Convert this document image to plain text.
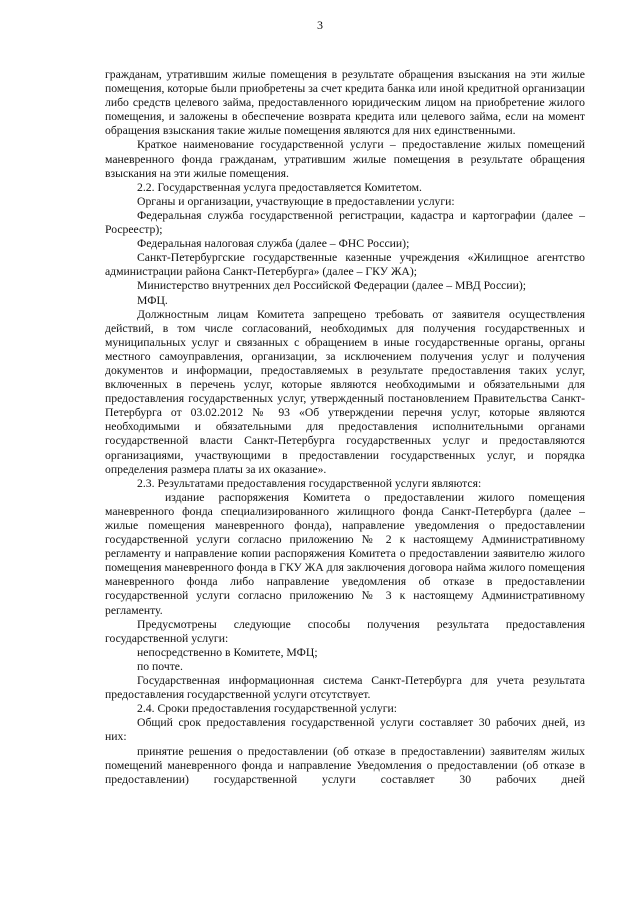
3

гражданам, утратившим жилые помещения в результате обращения взыскания на эти жилые помещения, которые были приобретены за счет кредита банка или иной кредитной организации либо средств целевого займа, предоставленного юридическим лицом на приобретение жилого помещения, и заложены в обеспечение возврата кредита или целевого займа, если на момент обращения взыскания такие жилые помещения являются для них единственными.

Краткое наименование государственной услуги – предоставление жилых помещений маневренного фонда гражданам, утратившим жилые помещения в результате обращения взыскания на эти жилые помещения.

2.2. Государственная услуга предоставляется Комитетом.

Органы и организации, участвующие в предоставлении услуги:

Федеральная служба государственной регистрации, кадастра и картографии (далее – Росреестр);

Федеральная налоговая служба (далее – ФНС России);

Санкт-Петербургские государственные казенные учреждения «Жилищное агентство администрации района Санкт-Петербурга» (далее – ГКУ ЖА);

Министерство внутренних дел Российской Федерации (далее – МВД России);

МФЦ.

Должностным лицам Комитета запрещено требовать от заявителя осуществления действий, в том числе согласований, необходимых для получения государственных и муниципальных услуг и связанных с обращением в иные государственные органы, органы местного самоуправления, организации, за исключением получения услуг и получения документов и информации, предоставляемых в результате предоставления таких услуг, включенных в перечень услуг, которые являются необходимыми и обязательными для предоставления государственных услуг, утвержденный постановлением Правительства Санкт-Петербурга от 03.02.2012 № 93 «Об утверждении перечня услуг, которые являются необходимыми и обязательными для предоставления исполнительными органами государственной власти Санкт-Петербурга государственных услуг и предоставляются организациями, участвующими в предоставлении государственных услуг, и порядка определения размера платы за их оказание».

2.3. Результатами предоставления государственной услуги являются:

издание распоряжения Комитета о предоставлении жилого помещения маневренного фонда специализированного жилищного фонда Санкт-Петербурга (далее – жилые помещения маневренного фонда), направление уведомления о предоставлении государственной услуги согласно приложению № 2 к настоящему Административному регламенту и направление копии распоряжения Комитета о предоставлении заявителю жилого помещения маневренного фонда в ГКУ ЖА для заключения договора найма жилого помещения маневренного фонда либо направление уведомления об отказе в предоставлении государственной услуги согласно приложению № 3 к настоящему Административному регламенту.

Предусмотрены следующие способы получения результата предоставления государственной услуги:

непосредственно в Комитете, МФЦ;

по почте.

Государственная информационная система Санкт-Петербурга для учета результата предоставления государственной услуги отсутствует.

2.4. Сроки предоставления государственной услуги:

Общий срок предоставления государственной услуги составляет 30 рабочих дней, из них:

принятие решения о предоставлении (об отказе в предоставлении) заявителям жилых помещений маневренного фонда и направление Уведомления о предоставлении (об отказе в предоставлении) государственной услуги составляет 30 рабочих дней
